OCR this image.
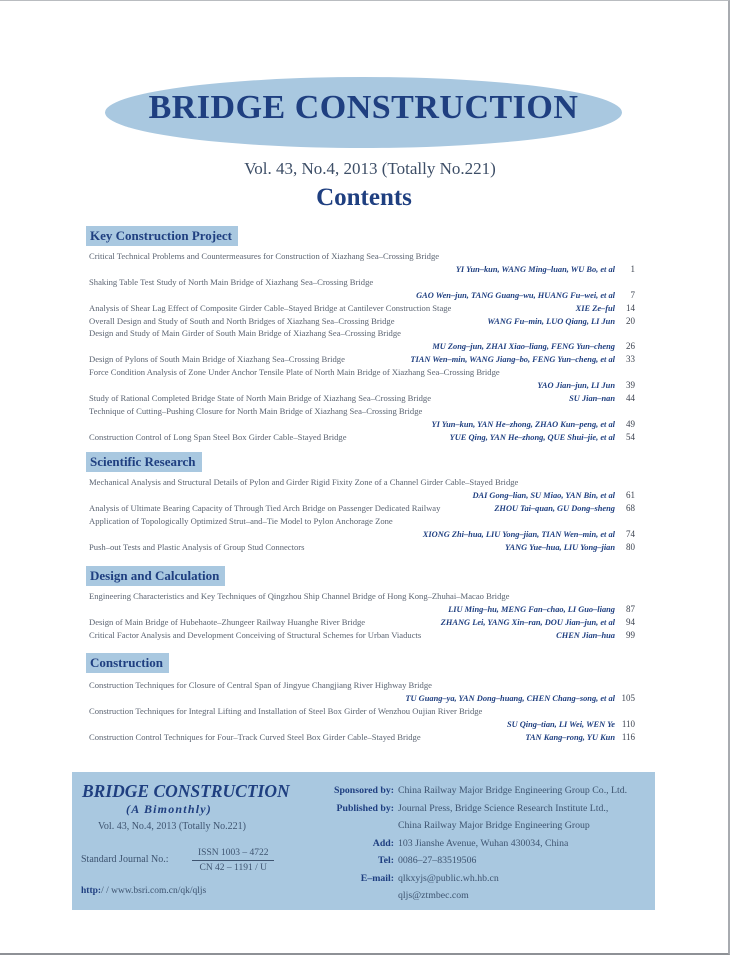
BRIDGE CONSTRUCTION
Vol. 43, No.4, 2013 (Totally No.221)
Contents
Key Construction Project
Critical Technical Problems and Countermeasures for Construction of Xiazhang Sea–Crossing Bridge
YI Yun–kun, WANG Ming–luan, WU Bo, et al	1
Shaking Table Test Study of North Main Bridge of Xiazhang Sea–Crossing Bridge
GAO Wen–jun, TANG Guang–wu, HUANG Fu–wei, et al	7
Analysis of Shear Lag Effect of Composite Girder Cable–Stayed Bridge at Cantilever Construction Stage	XIE Ze–ful	14
Overall Design and Study of South and North Bridges of Xiazhang Sea–Crossing Bridge	WANG Fu–min, LUO Qiang, LI Jun	20
Design and Study of Main Girder of South Main Bridge of Xiazhang Sea–Crossing Bridge
MU Zong–jun, ZHAI Xiao–liang, FENG Yun–cheng	26
Design of Pylons of South Main Bridge of Xiazhang Sea–Crossing Bridge	TIAN Wen–min, WANG Jiang–bo, FENG Yun–cheng, et al	33
Force Condition Analysis of Zone Under Anchor Tensile Plate of North Main Bridge of Xiazhang Sea–Crossing Bridge
YAO Jian–jun, LI Jun	39
Study of Rational Completed Bridge State of North Main Bridge of Xiazhang Sea–Crossing Bridge	SU Jian–nan	44
Technique of Cutting–Pushing Closure for North Main Bridge of Xiazhang Sea–Crossing Bridge
YI Yun–kun, YAN He–zhong, ZHAO Kun–peng, et al	49
Construction Control of Long Span Steel Box Girder Cable–Stayed Bridge	YUE Qing, YAN He–zhong, QUE Shui–jie, et al	54
Scientific Research
Mechanical Analysis and Structural Details of Pylon and Girder Rigid Fixity Zone of a Channel Girder Cable–Stayed Bridge
DAI Gong–lian, SU Miao, YAN Bin, et al	61
Analysis of Ultimate Bearing Capacity of Through Tied Arch Bridge on Passenger Dedicated Railway	ZHOU Tai–quan, GU Dong–sheng	68
Application of Topologically Optimized Strut–and–Tie Model to Pylon Anchorage Zone
XIONG Zhi–hua, LIU Yong–jian, TIAN Wen–min, et al	74
Push–out Tests and Plastic Analysis of Group Stud Connectors	YANG Yue–hua, LIU Yong–jian	80
Design and Calculation
Engineering Characteristics and Key Techniques of Qingzhou Ship Channel Bridge of Hong Kong–Zhuhai–Macao Bridge
LIU Ming–hu, MENG Fan–chao, LI Guo–liang	87
Design of Main Bridge of Hubehaote–Zhungeer Railway Huanghe River Bridge	ZHANG Lei, YANG Xin–ran, DOU Jian–jun, et al	94
Critical Factor Analysis and Development Conceiving of Structural Schemes for Urban Viaducts	CHEN Jian–hua	99
Construction
Construction Techniques for Closure of Central Span of Jingyue Changjiang River Highway Bridge
TU Guang–ya, YAN Dong–huang, CHEN Chang–song, et al 105
Construction Techniques for Integral Lifting and Installation of Steel Box Girder of Wenzhou Oujian River Bridge
SU Qing–tian, LI Wei, WEN Ye 110
Construction Control Techniques for Four–Track Curved Steel Box Girder Cable–Stayed Bridge	TAN Kang–rong, YU Kun 116
BRIDGE CONSTRUCTION
(A Bimonthly)
Vol. 43, No.4, 2013 (Totally No.221)
Standard Journal No.:
ISSN 1003 – 4722
CN 42 – 1191 / U
http:/ / www.bsri.com.cn/qk/qljs
Sponsored by: China Railway Major Bridge Engineering Group Co., Ltd.
Published by: Journal Press, Bridge Science Research Institute Ltd.,
China Railway Major Bridge Engineering Group
Add: 103 Jianshe Avenue, Wuhan 430034, China
Tel: 0086–27–83519506
E–mail: qlkxyjs@public.wh.hb.cn
qljs@ztmbec.com
